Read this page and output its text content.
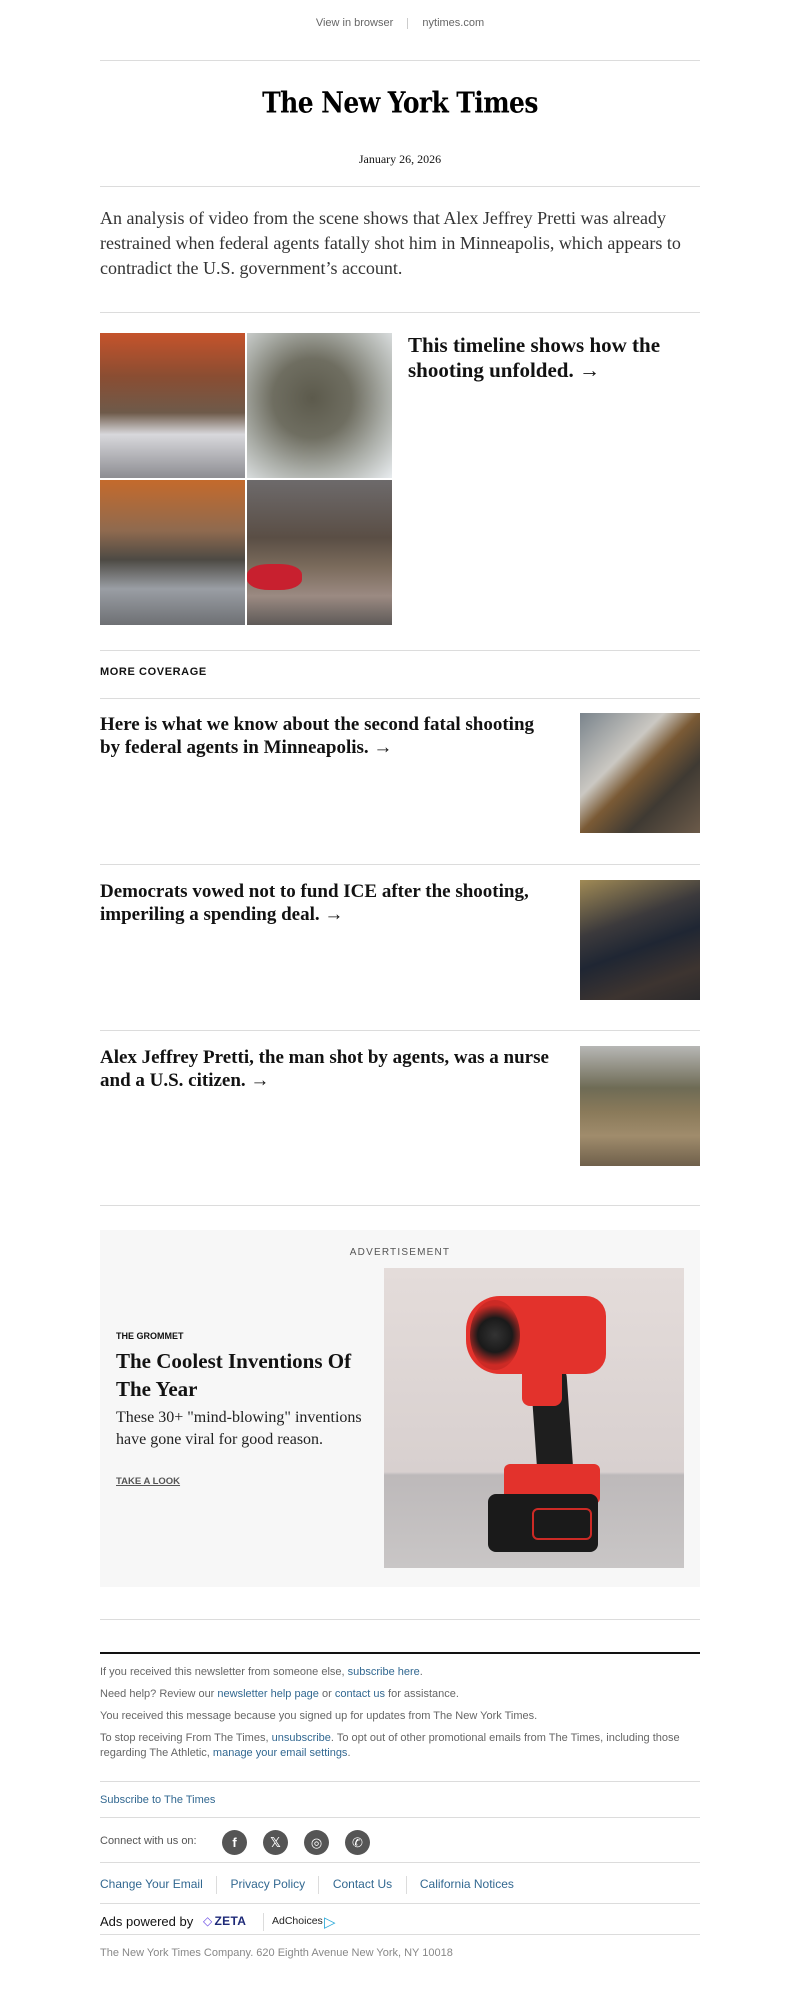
View in browser	nytimes.com
The New York Times
January 26, 2026

An analysis of video from the scene shows that Alex Jeffrey Pretti was already restrained when federal agents fatally shot him in Minneapolis, which appears to contradict the U.S. government’s account.

This timeline shows how the shooting unfolded. →
MORE COVERAGE
Here is what we know about the second fatal shooting by federal agents in Minneapolis. →
Democrats vowed not to fund ICE after the shooting, imperiling a spending deal. →
Alex Jeffrey Pretti, the man shot by agents, was a nurse and a U.S. citizen. →
ADVERTISEMENT
THE GROMMET
The Coolest Inventions Of The Year
These 30+ "mind-blowing" inventions have gone viral for good reason.
TAKE A LOOK

If you received this newsletter from someone else, subscribe here.

Need help? Review our newsletter help page or contact us for assistance.

You received this message because you signed up for updates from The New York Times.

To stop receiving From The Times, unsubscribe. To opt out of other promotional emails from The Times, including those regarding The Athletic, manage your email settings.

Subscribe to The Times
Connect with us on:	f	𝕏	◎	✆
Change Your Email Privacy Policy Contact Us California Notices
Ads powered by ◇ ZETA AdChoices ▷
The New York Times Company. 620 Eighth Avenue New York, NY 10018
